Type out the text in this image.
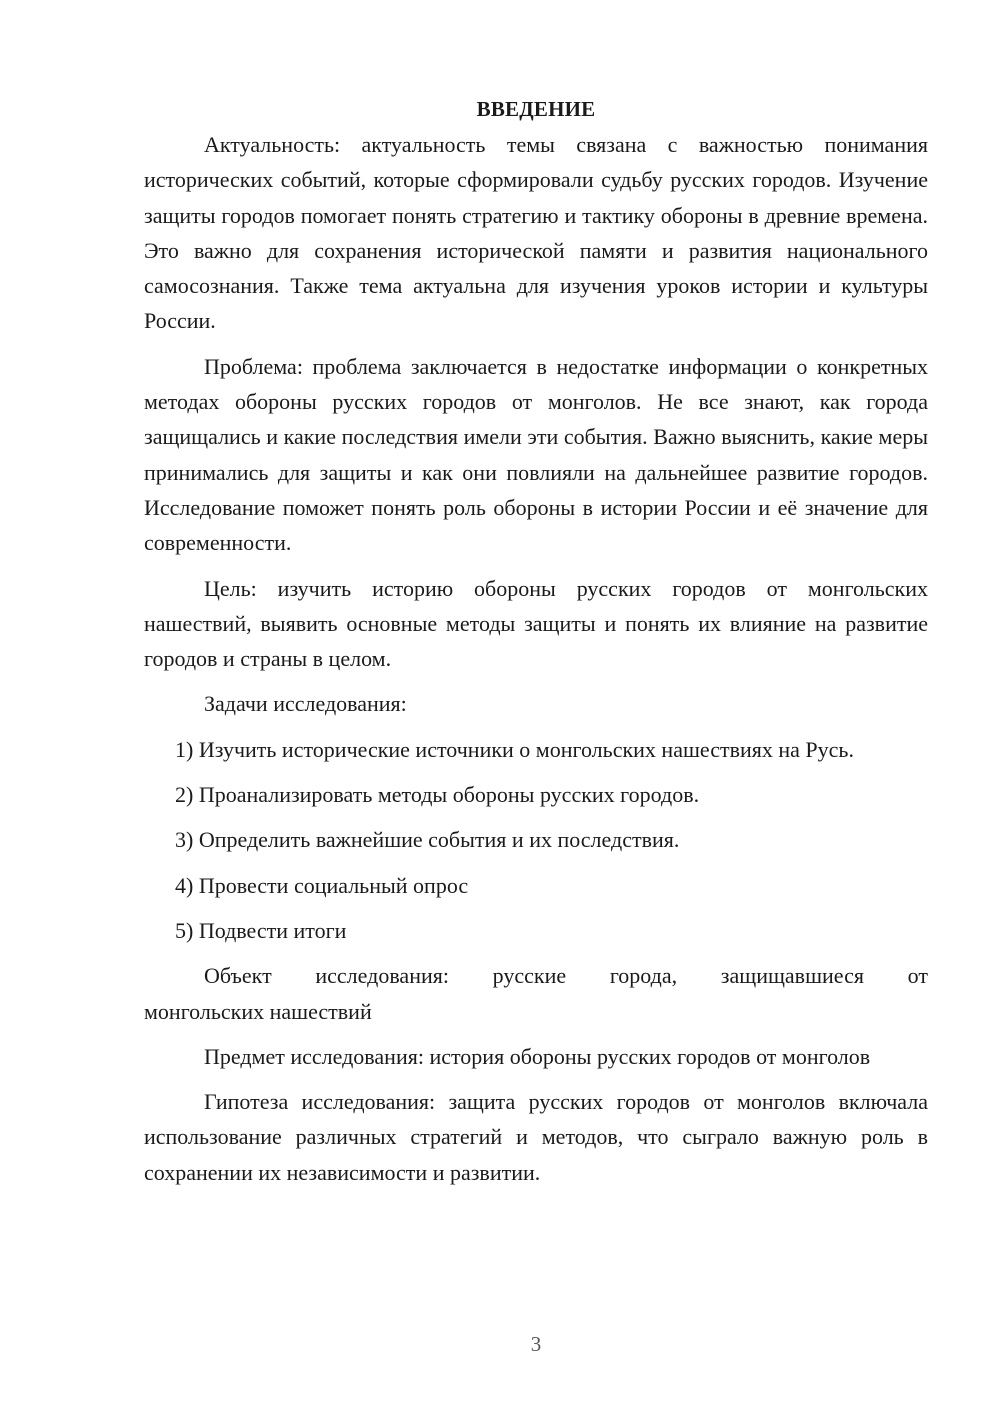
ВВЕДЕНИЕ

Актуальность: актуальность темы связана с важностью понимания исторических событий, которые сформировали судьбу русских городов. Изучение защиты городов помогает понять стратегию и тактику обороны в древние времена. Это важно для сохранения исторической памяти и развития национального самосознания. Также тема актуальна для изучения уроков истории и культуры России.

Проблема: проблема заключается в недостатке информации о конкретных методах обороны русских городов от монголов. Не все знают, как города защищались и какие последствия имели эти события. Важно выяснить, какие меры принимались для защиты и как они повлияли на дальнейшее развитие городов. Исследование поможет понять роль обороны в истории России и её значение для современности.

Цель: изучить историю обороны русских городов от монгольских нашествий, выявить основные методы защиты и понять их влияние на развитие городов и страны в целом.

Задачи исследования:

1) Изучить исторические источники о монгольских нашествиях на Русь.

2) Проанализировать методы обороны русских городов.

3) Определить важнейшие события и их последствия.

4) Провести социальный опрос

5) Подвести итоги

Объект исследования: русские города, защищавшиеся от
монгольских нашествий

Предмет исследования: история обороны русских городов от монголов

Гипотеза исследования: защита русских городов от монголов включала использование различных стратегий и методов, что сыграло важную роль в сохранении их независимости и развитии.

3
